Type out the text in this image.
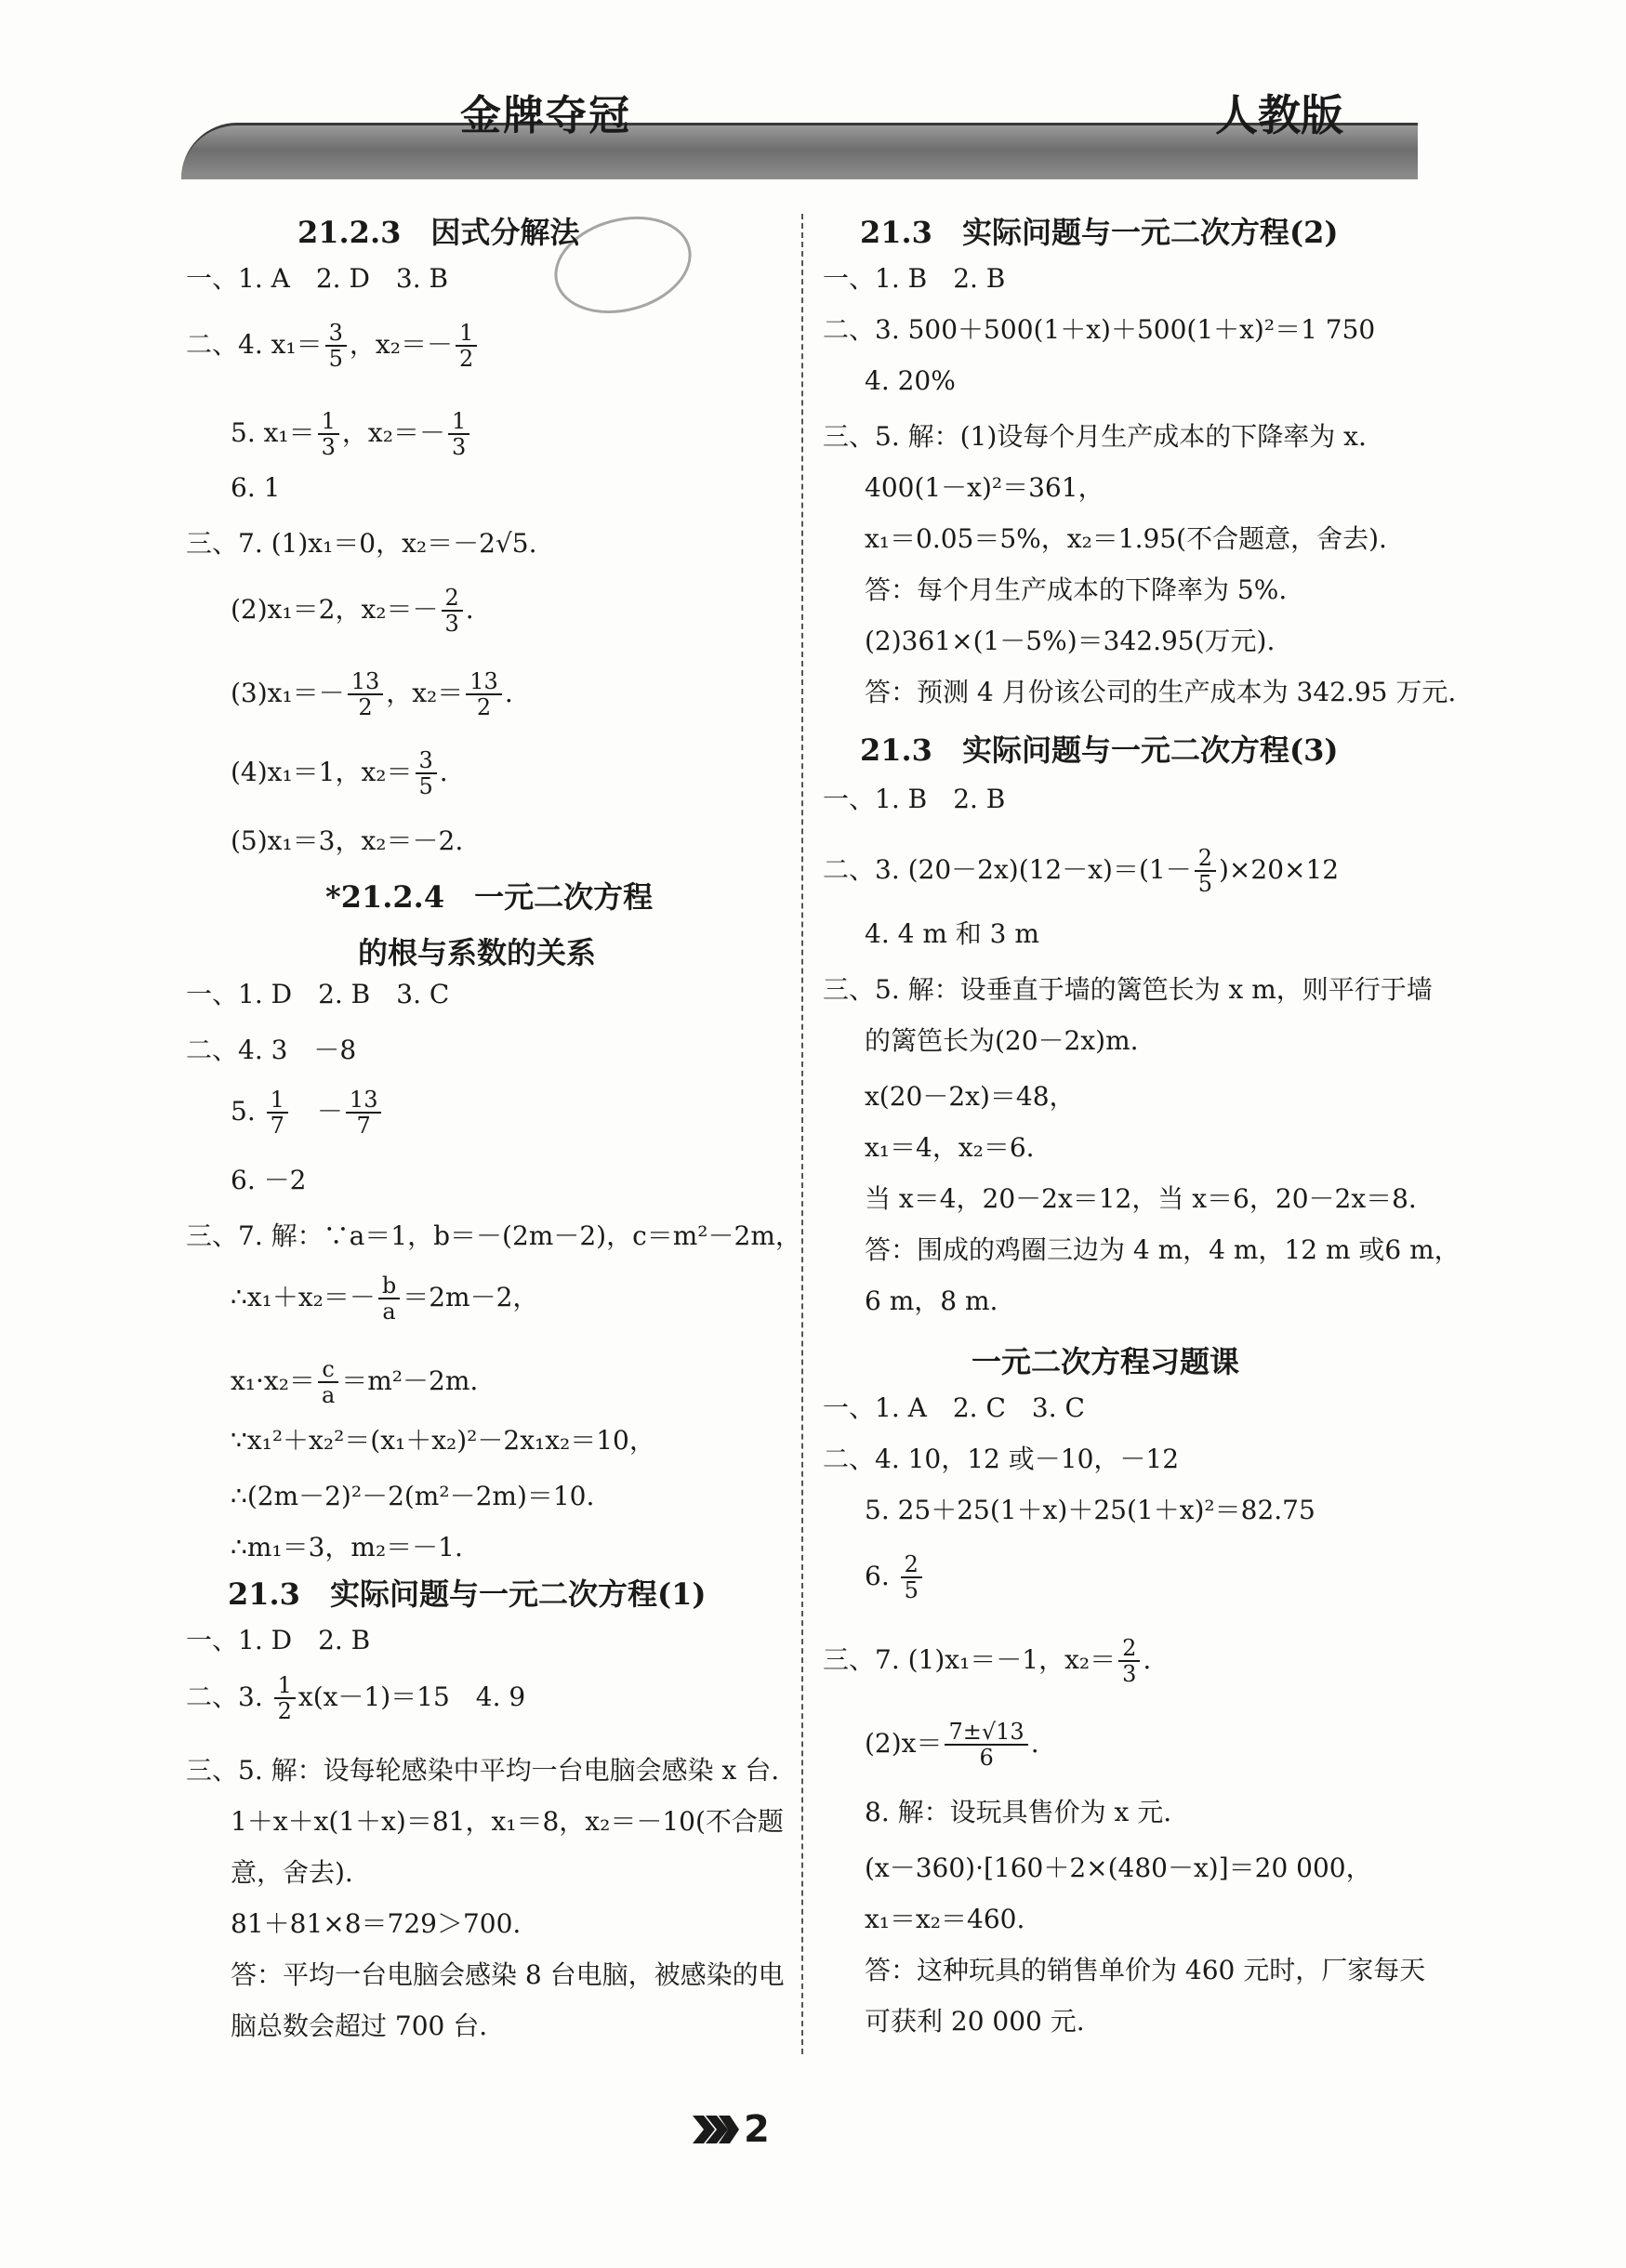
金牌夺冠	人教版
21.2.3　因式分解法
一、1. A　2. D　3. B
二、4. $x_1= \frac{3}{5}$ ，$x_2=- \frac{1}{2}$
5. $x_1= \frac{1}{3}$ ，$x_2=- \frac{1}{3}$
6. 1
三、7. (1)x₁＝0，x₂＝－2√5.
(2)x₁＝2，$x_2=- \frac{2}{3}$ .
$(3)x_1=- \frac{13}{2}$ ，$x_2= \frac{13}{2}$ .
(4)x₁＝1，$x_2= \frac{3}{5}$ .
(5)x₁＝3，x₂＝－2.
*21.2.4　一元二次方程
的根与系数的关系
一、1. D　2. B　3. C
二、4. 3　－8
5. $\frac{1}{7}$ 　－ $\frac{13}{7}$
6. －2
三、7. 解：∵a＝1，b＝－(2m－2)，c＝m²－2m，
∴x₁＋x₂＝－ $\frac{b}{a} =2m-2$，
$x_1\cdot x_2= \frac{c}{a} =m^2-2m$.
∵x₁²＋x₂²＝(x₁＋x₂)²－2x₁x₂＝10，
∴(2m－2)²－2(m²－2m)＝10.
∴m₁＝3，m₂＝－1.
21.3　实际问题与一元二次方程(1)
一、1. D　2. B
二、3. $\frac{1}{2} x(x-1)=15$　4. 9
三、5. 解：设每轮感染中平均一台电脑会感染 x 台.
1＋x＋x(1＋x)＝81，x₁＝8，x₂＝－10(不合题
意，舍去).
81＋81×8＝729＞700.
答：平均一台电脑会感染 8 台电脑，被感染的电
脑总数会超过 700 台.
21.3　实际问题与一元二次方程(2)
一、1. B　2. B
二、3. 500＋500(1＋x)＋500(1＋x)²＝1 750
4. 20%
三、5. 解：(1)设每个月生产成本的下降率为 x.
400(1－x)²＝361，
x₁＝0.05＝5%，x₂＝1.95(不合题意，舍去).
答：每个月生产成本的下降率为 5%.
(2)361×(1－5%)＝342.95(万元).
答：预测 4 月份该公司的生产成本为 342.95 万元.
21.3　实际问题与一元二次方程(3)
一、1. B　2. B
二、3. $(20-2x)(12-x)=(1- \frac{2}{5} )\times 20\times 12$
4. 4 m 和 3 m
三、5. 解：设垂直于墙的篱笆长为 x m，则平行于墙
的篱笆长为(20－2x)m.
x(20－2x)＝48，
x₁＝4，x₂＝6.
当 x＝4，20－2x＝12，当 x＝6，20－2x＝8.
答：围成的鸡圈三边为 4 m，4 m，12 m 或6 m，
6 m，8 m.
一元二次方程习题课
一、1. A　2. C　3. C
二、4. 10，12 或－10，－12
5. 25＋25(1＋x)＋25(1＋x)²＝82.75
6. $\frac{2}{5}$
三、7. (1)x₁＝－1，$x_2= \frac{2}{3}$ .
$(2)x= \frac{7\pm√13}{6}$ .
8. 解：设玩具售价为 x 元.
(x－360)·[160＋2×(480－x)]＝20 000，
x₁＝x₂＝460.
答：这种玩具的销售单价为 460 元时，厂家每天
可获利 20 000 元.
2
